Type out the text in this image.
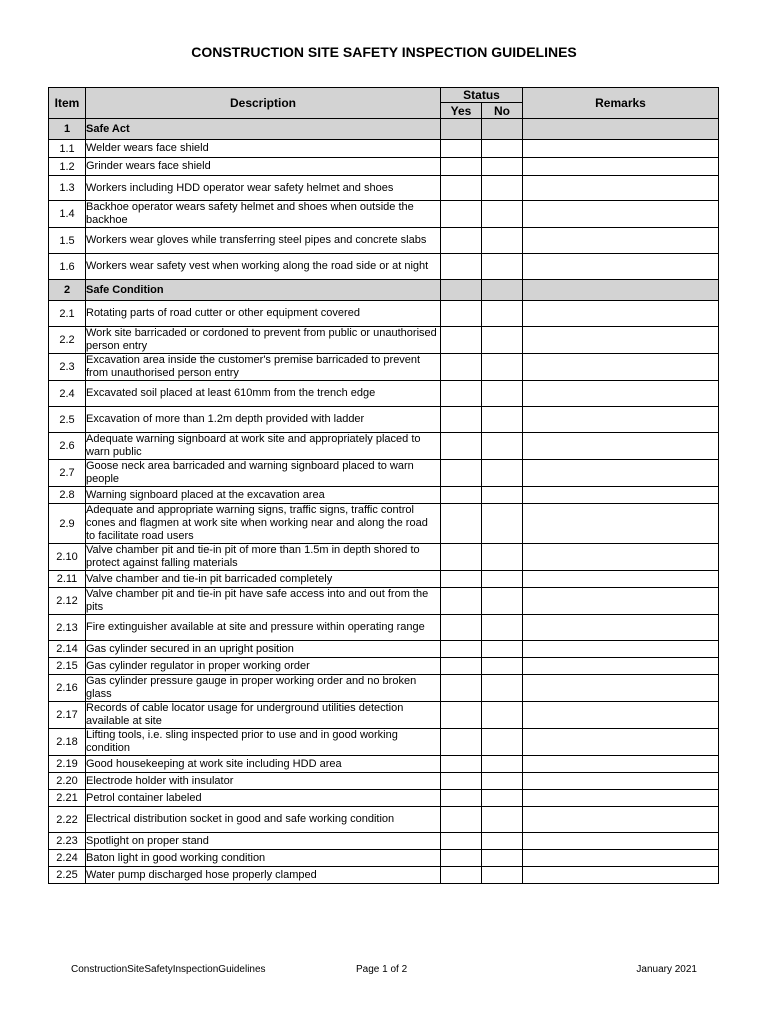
CONSTRUCTION SITE SAFETY INSPECTION GUIDELINES
Item	Description	Status		Remarks
		Yes	No	
1	Safe Act			
1.1	Welder wears face shield			
1.2	Grinder wears face shield			
1.3	Workers including HDD operator wear safety helmet and shoes			
1.4	Backhoe operator wears safety helmet and shoes when outside the backhoe			
1.5	Workers wear gloves while transferring steel pipes and concrete slabs			
1.6	Workers wear safety vest when working along the road side or at night			
2	Safe Condition			
2.1	Rotating parts of road cutter or other equipment covered			
2.2	Work site barricaded or cordoned to prevent from public or unauthorised person entry			
2.3	Excavation area inside the customer's premise barricaded to prevent from unauthorised person entry			
2.4	Excavated soil placed at least 610mm from the trench edge			
2.5	Excavation of more than 1.2m depth provided with ladder			
2.6	Adequate warning signboard at work site and appropriately placed to warn public			
2.7	Goose neck area barricaded and warning signboard placed to warn people			
2.8	Warning signboard placed at the excavation area			
2.9	Adequate and appropriate warning signs, traffic signs, traffic control cones and flagmen at work site when working near and along the road to facilitate road users			
2.10	Valve chamber pit and tie-in pit of more than 1.5m in depth shored to protect against falling materials			
2.11	Valve chamber and tie-in pit barricaded completely			
2.12	Valve chamber pit and tie-in pit have safe access into and out from the pits			
2.13	Fire extinguisher available at site and pressure within operating range			
2.14	Gas cylinder secured in an upright position			
2.15	Gas cylinder regulator in proper working order			
2.16	Gas cylinder pressure gauge in proper working order and no broken glass			
2.17	Records of cable locator usage for underground utilities detection available at site			
2.18	Lifting tools, i.e. sling inspected prior to use and in good working condition			
2.19	Good housekeeping at work site including HDD area			
2.20	Electrode holder with insulator			
2.21	Petrol container labeled			
2.22	Electrical distribution socket in good and safe working condition			
2.23	Spotlight on proper stand			
2.24	Baton light in good working condition			
2.25	Water pump discharged hose properly clamped			
ConstructionSiteSafetyInspectionGuidelines	Page 1 of 2	January 2021
